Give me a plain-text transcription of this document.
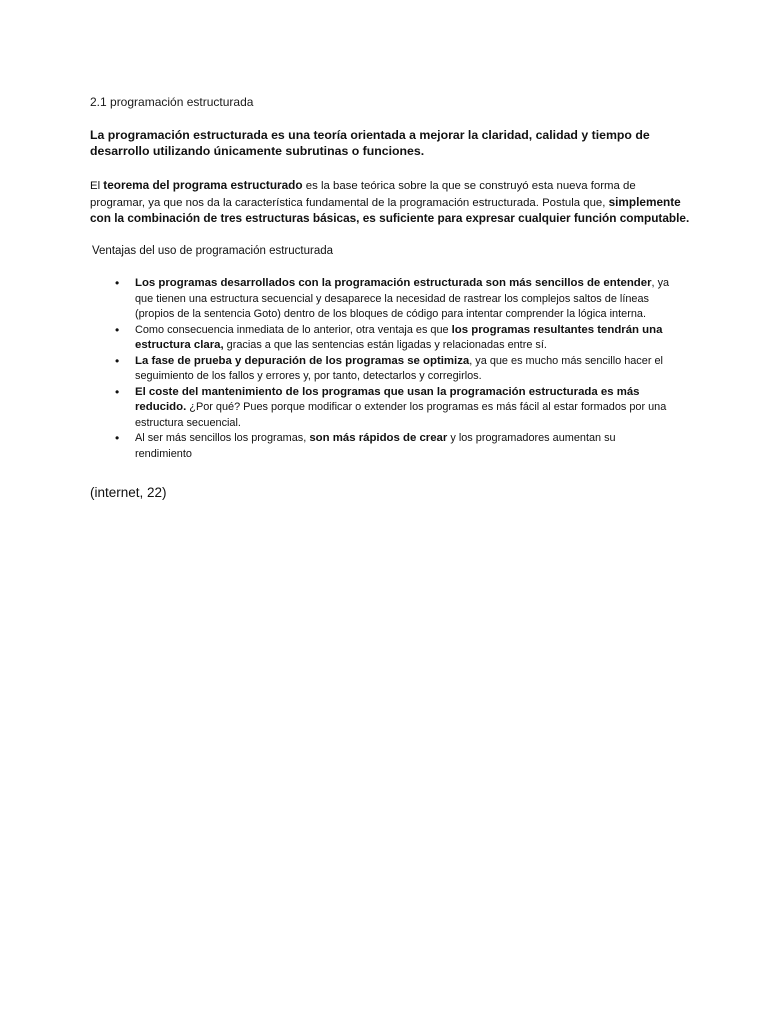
2.1 programación estructurada
La programación estructurada es una teoría orientada a mejorar la claridad, calidad y tiempo de desarrollo utilizando únicamente subrutinas o funciones.
El teorema del programa estructurado es la base teórica sobre la que se construyó esta nueva forma de programar, ya que nos da la característica fundamental de la programación estructurada. Postula que, simplemente con la combinación de tres estructuras básicas, es suficiente para expresar cualquier función computable.
Ventajas del uso de programación estructurada
• Los programas desarrollados con la programación estructurada son más sencillos de entender, ya que tienen una estructura secuencial y desaparece la necesidad de rastrear los complejos saltos de líneas (propios de la sentencia Goto) dentro de los bloques de código para intentar comprender la lógica interna.
• Como consecuencia inmediata de lo anterior, otra ventaja es que los programas resultantes tendrán una estructura clara, gracias a que las sentencias están ligadas y relacionadas entre sí.
• La fase de prueba y depuración de los programas se optimiza, ya que es mucho más sencillo hacer el seguimiento de los fallos y errores y, por tanto, detectarlos y corregirlos.
• El coste del mantenimiento de los programas que usan la programación estructurada es más reducido. ¿Por qué? Pues porque modificar o extender los programas es más fácil al estar formados por una estructura secuencial.
• Al ser más sencillos los programas, son más rápidos de crear y los programadores aumentan su rendimiento
(internet, 22)
